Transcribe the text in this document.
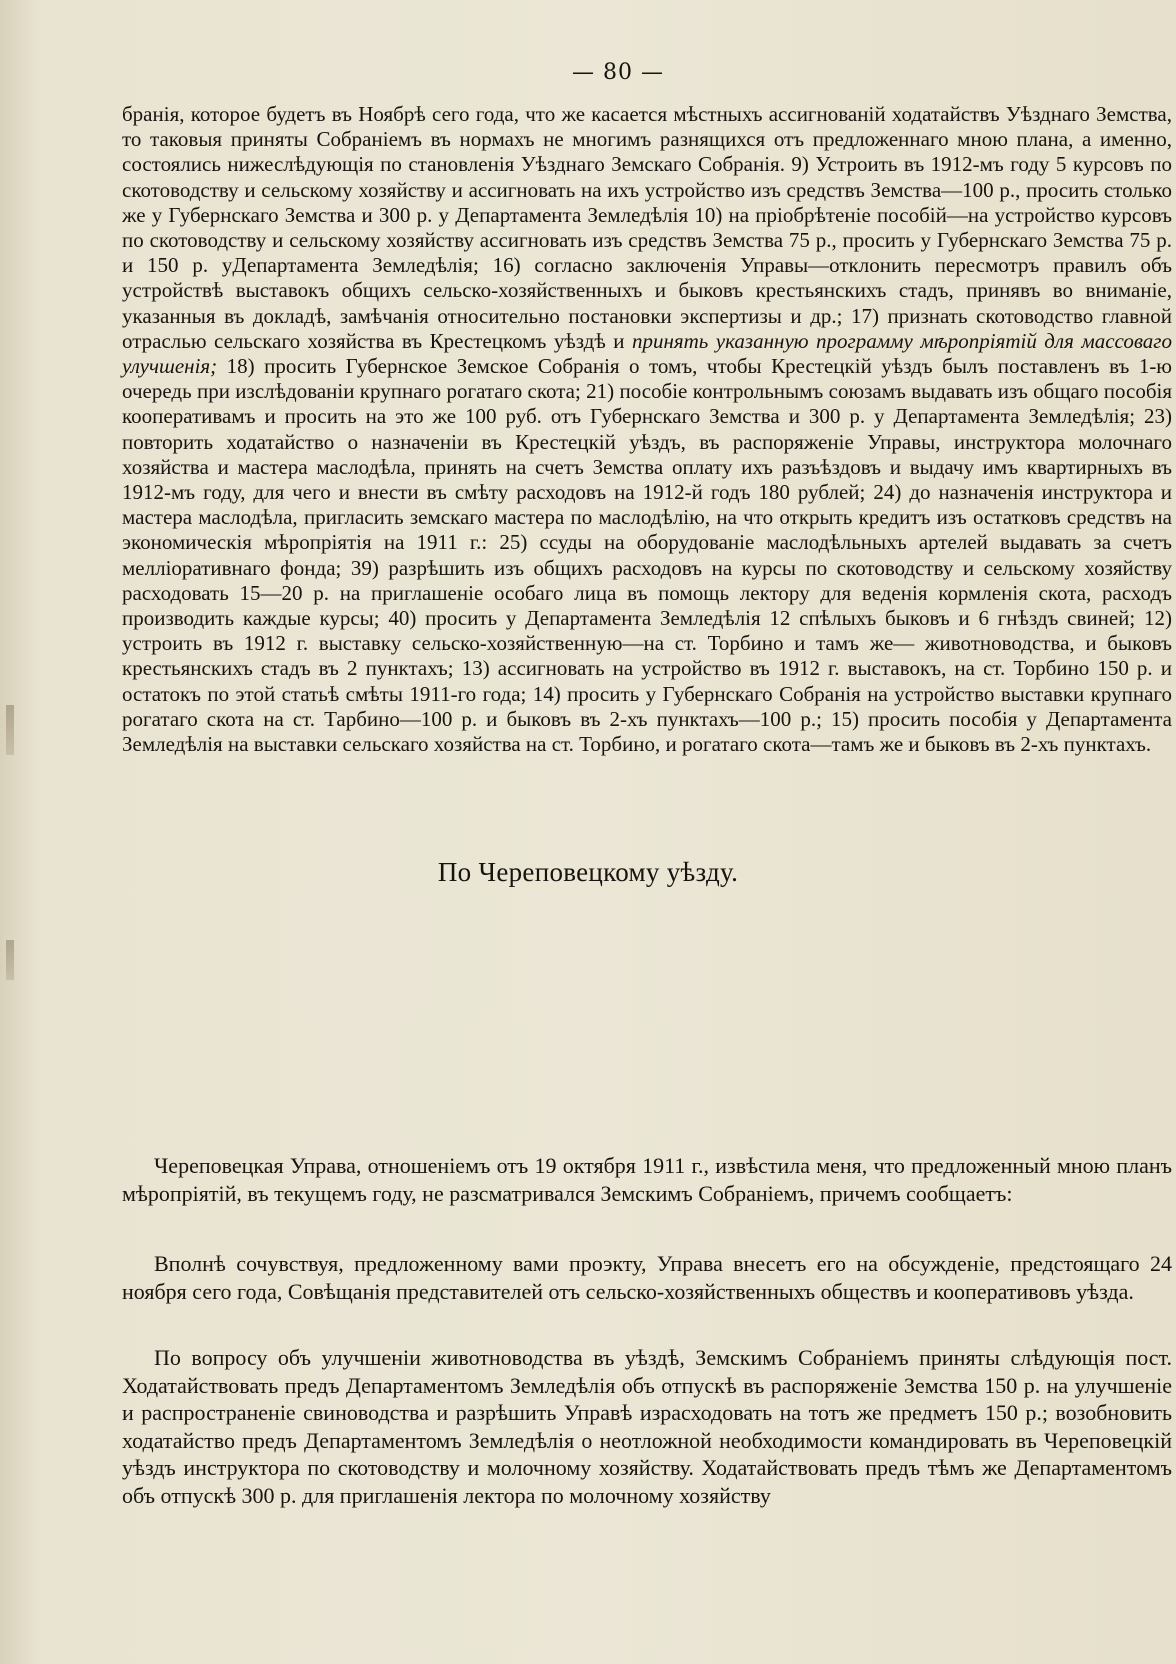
— 80 —

бранія, которое будетъ въ Ноябрѣ сего года, что же касается мѣстныхъ ассигнованій ходатайствъ Уѣзднаго Земства, то таковыя приняты Собраніемъ въ нормахъ не многимъ разнящихся отъ предложеннаго мною плана, а именно, состоялись нижеслѣдующія по становленія Уѣзднаго Земскаго Собранія. 9) Устроить въ 1912-мъ году 5 курсовъ по скотоводству и сельскому хозяйству и ассигновать на ихъ устройство изъ средствъ Земства—100 р., просить столько же у Губернскаго Земства и 300 р. у Департамента Земледѣлія 10) на пріобрѣтеніе пособій—на устройство курсовъ по скотоводству и сельскому хозяйству ассигновать изъ средствъ Земства 75 р., просить у Губернскаго Земства 75 р. и 150 р. уДепартамента Земледѣлія; 16) согласно заключенія Управы—отклонить пересмотръ правилъ объ устройствѣ выставокъ общихъ сельско-хозяйственныхъ и быковъ крестьянскихъ стадъ, принявъ во вниманіе, указанныя въ докладѣ, замѣчанія относительно постановки экспертизы и др.; 17) признать скотоводство главной отраслью сельскаго хозяйства въ Крестецкомъ уѣздѣ и принять указанную программу мѣропріятій для массоваго улучшенія; 18) просить Губернское Земское Собранія о томъ, чтобы Крестецкій уѣздъ былъ поставленъ въ 1-ю очередь при изслѣдованіи крупнаго рогатаго скота; 21) пособіе контрольнымъ союзамъ выдавать изъ общаго пособія кооперативамъ и просить на это же 100 руб. отъ Губернскаго Земства и 300 р. у Департамента Земледѣлія; 23) повторить ходатайство о назначеніи въ Крестецкій уѣздъ, въ распоряженіе Управы, инструктора молочнаго хозяйства и мастера маслодѣла, принять на счетъ Земства оплату ихъ разъѣздовъ и выдачу имъ квартирныхъ въ 1912-мъ году, для чего и внести въ смѣту расходовъ на 1912-й годъ 180 рублей; 24) до назначенія инструктора и мастера маслодѣла, пригласить земскаго мастера по маслодѣлію, на что открыть кредитъ изъ остатковъ средствъ на экономическія мѣропріятія на 1911 г.: 25) ссуды на оборудованіе маслодѣльныхъ артелей выдавать за счетъ мелліоративнаго фонда; 39) разрѣшить изъ общихъ расходовъ на курсы по скотоводству и сельскому хозяйству расходовать 15—20 р. на приглашеніе особаго лица въ помощь лектору для веденія кормленія скота, расходъ производить каждые курсы; 40) просить у Департамента Земледѣлія 12 спѣлыхъ быковъ и 6 гнѣздъ свиней; 12) устроить въ 1912 г. выставку сельско-хозяйственную—на ст. Торбино и тамъ же— животноводства, и быковъ крестьянскихъ стадъ въ 2 пунктахъ; 13) ассигновать на устройство въ 1912 г. выставокъ, на ст. Торбино 150 р. и остатокъ по этой статьѣ смѣты 1911-го года; 14) просить у Губернскаго Собранія на устройство выставки крупнаго рогатаго скота на ст. Тарбино—100 р. и быковъ въ 2-хъ пунктахъ—100 р.; 15) просить пособія у Департамента Земледѣлія на выставки сельскаго хозяйства на ст. Торбино, и рогатаго скота—тамъ же и быковъ въ 2-хъ пунктахъ.

По Череповецкому уѣзду.

Череповецкая Управа, отношеніемъ отъ 19 октября 1911 г., извѣстила меня, что предложенный мною планъ мѣропріятій, въ текущемъ году, не разсматривался Земскимъ Собраніемъ, причемъ сообщаетъ:

Вполнѣ сочувствуя, предложенному вами проэкту, Управа внесетъ его на обсужденіе, предстоящаго 24 ноября сего года, Совѣщанія представителей отъ сельско-хозяйственныхъ обществъ и кооперативовъ уѣзда.

По вопросу объ улучшеніи животноводства въ уѣздѣ, Земскимъ Собраніемъ приняты слѣдующія пост. Ходатайствовать предъ Департаментомъ Земледѣлія объ отпускѣ въ распоряженіе Земства 150 р. на улучшеніе и распространеніе свиноводства и разрѣшить Управѣ израсходовать на тотъ же предметъ 150 р.; возобновить ходатайство предъ Департаментомъ Земледѣлія о неотложной необходимости командировать въ Череповецкій уѣздъ инструктора по скотоводству и молочному хозяйству. Ходатайствовать предъ тѣмъ же Департаментомъ объ отпускѣ 300 р. для приглашенія лектора по молочному хозяйству
